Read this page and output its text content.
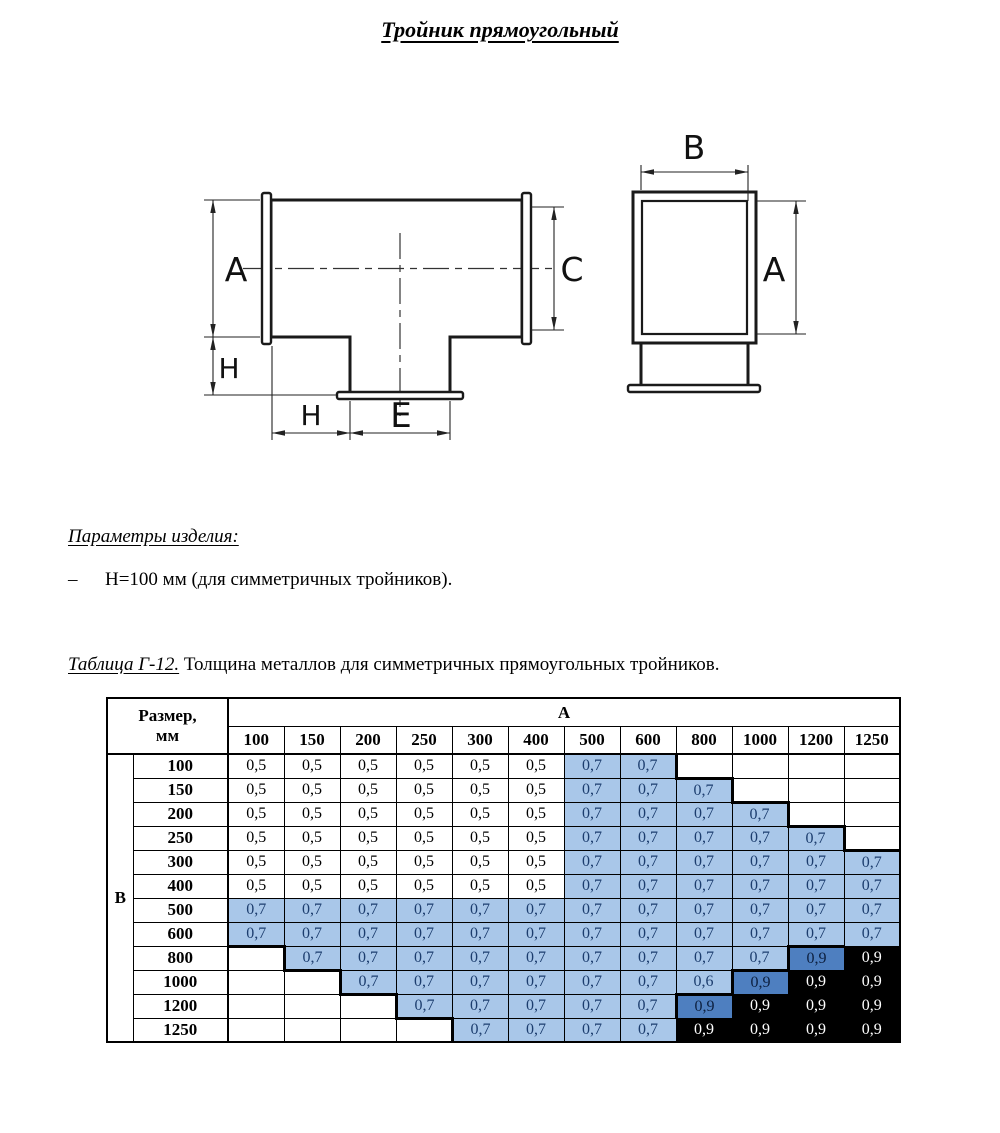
Тройник прямоугольный
A
H
C
H E
B
A
Параметры изделия:
–	Н=100 мм (для симметричных тройников).
Таблица Г-12. Толщина металлов для симметричных прямоугольных тройников.
Размер,
мм		А											
		100	150	200	250	300	400	500	600	800	1000	1200	1250
В	100	0,5	0,5	0,5	0,5	0,5	0,5	0,7	0,7				
	150	0,5	0,5	0,5	0,5	0,5	0,5	0,7	0,7	0,7			
	200	0,5	0,5	0,5	0,5	0,5	0,5	0,7	0,7	0,7	0,7		
	250	0,5	0,5	0,5	0,5	0,5	0,5	0,7	0,7	0,7	0,7	0,7	
	300	0,5	0,5	0,5	0,5	0,5	0,5	0,7	0,7	0,7	0,7	0,7	0,7
	400	0,5	0,5	0,5	0,5	0,5	0,5	0,7	0,7	0,7	0,7	0,7	0,7
	500	0,7	0,7	0,7	0,7	0,7	0,7	0,7	0,7	0,7	0,7	0,7	0,7
	600	0,7	0,7	0,7	0,7	0,7	0,7	0,7	0,7	0,7	0,7	0,7	0,7
	800		0,7	0,7	0,7	0,7	0,7	0,7	0,7	0,7	0,7	0,9	0,9
	1000			0,7	0,7	0,7	0,7	0,7	0,7	0,6	0,9	0,9	0,9
	1200				0,7	0,7	0,7	0,7	0,7	0,9	0,9	0,9	0,9
	1250					0,7	0,7	0,7	0,7	0,9	0,9	0,9	0,9
